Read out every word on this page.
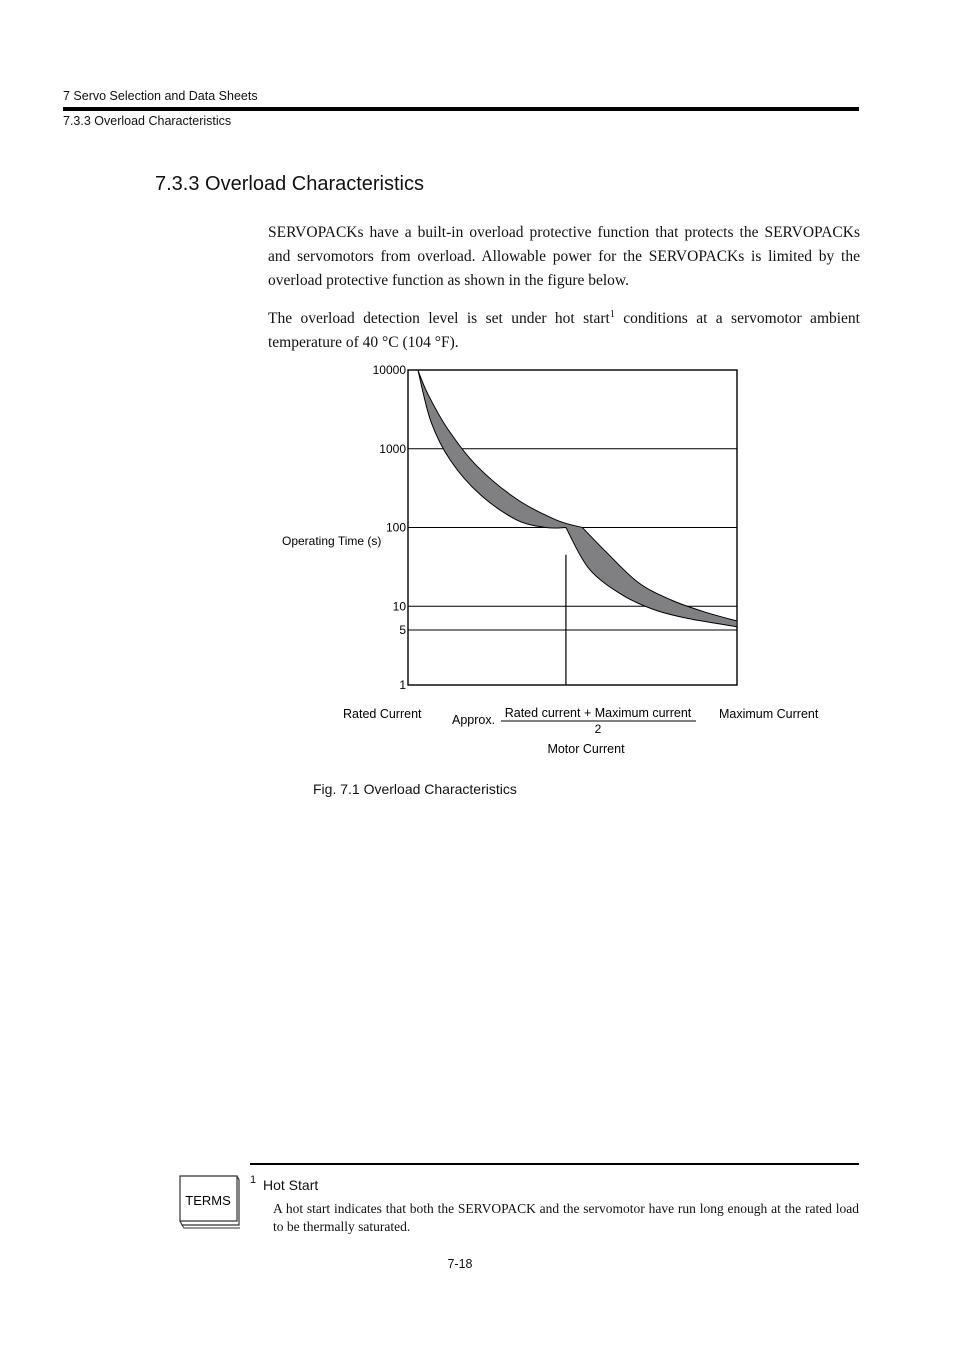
7 Servo Selection and Data Sheets
7.3.3 Overload Characteristics
7.3.3 Overload Characteristics
SERVOPACKs have a built-in overload protective function that protects the SERVOPACKs and servomotors from overload. Allowable power for the SERVOPACKs is limited by the overload protective function as shown in the figure below.
The overload detection level is set under hot start$^1$ conditions at a servomotor ambient temperature of 40 °C (104 °F).
10000
1000
100
10
5
1
Operating Time (s)
Rated Current Approx. Rated current + Maximum current
2
Maximum Current
Motor Current
Fig. 7.1 Overload Characteristics
TERMS
1 Hot Start
A hot start indicates that both the SERVOPACK and the servomotor have run long enough at the rated load to be thermally saturated.
7-18
